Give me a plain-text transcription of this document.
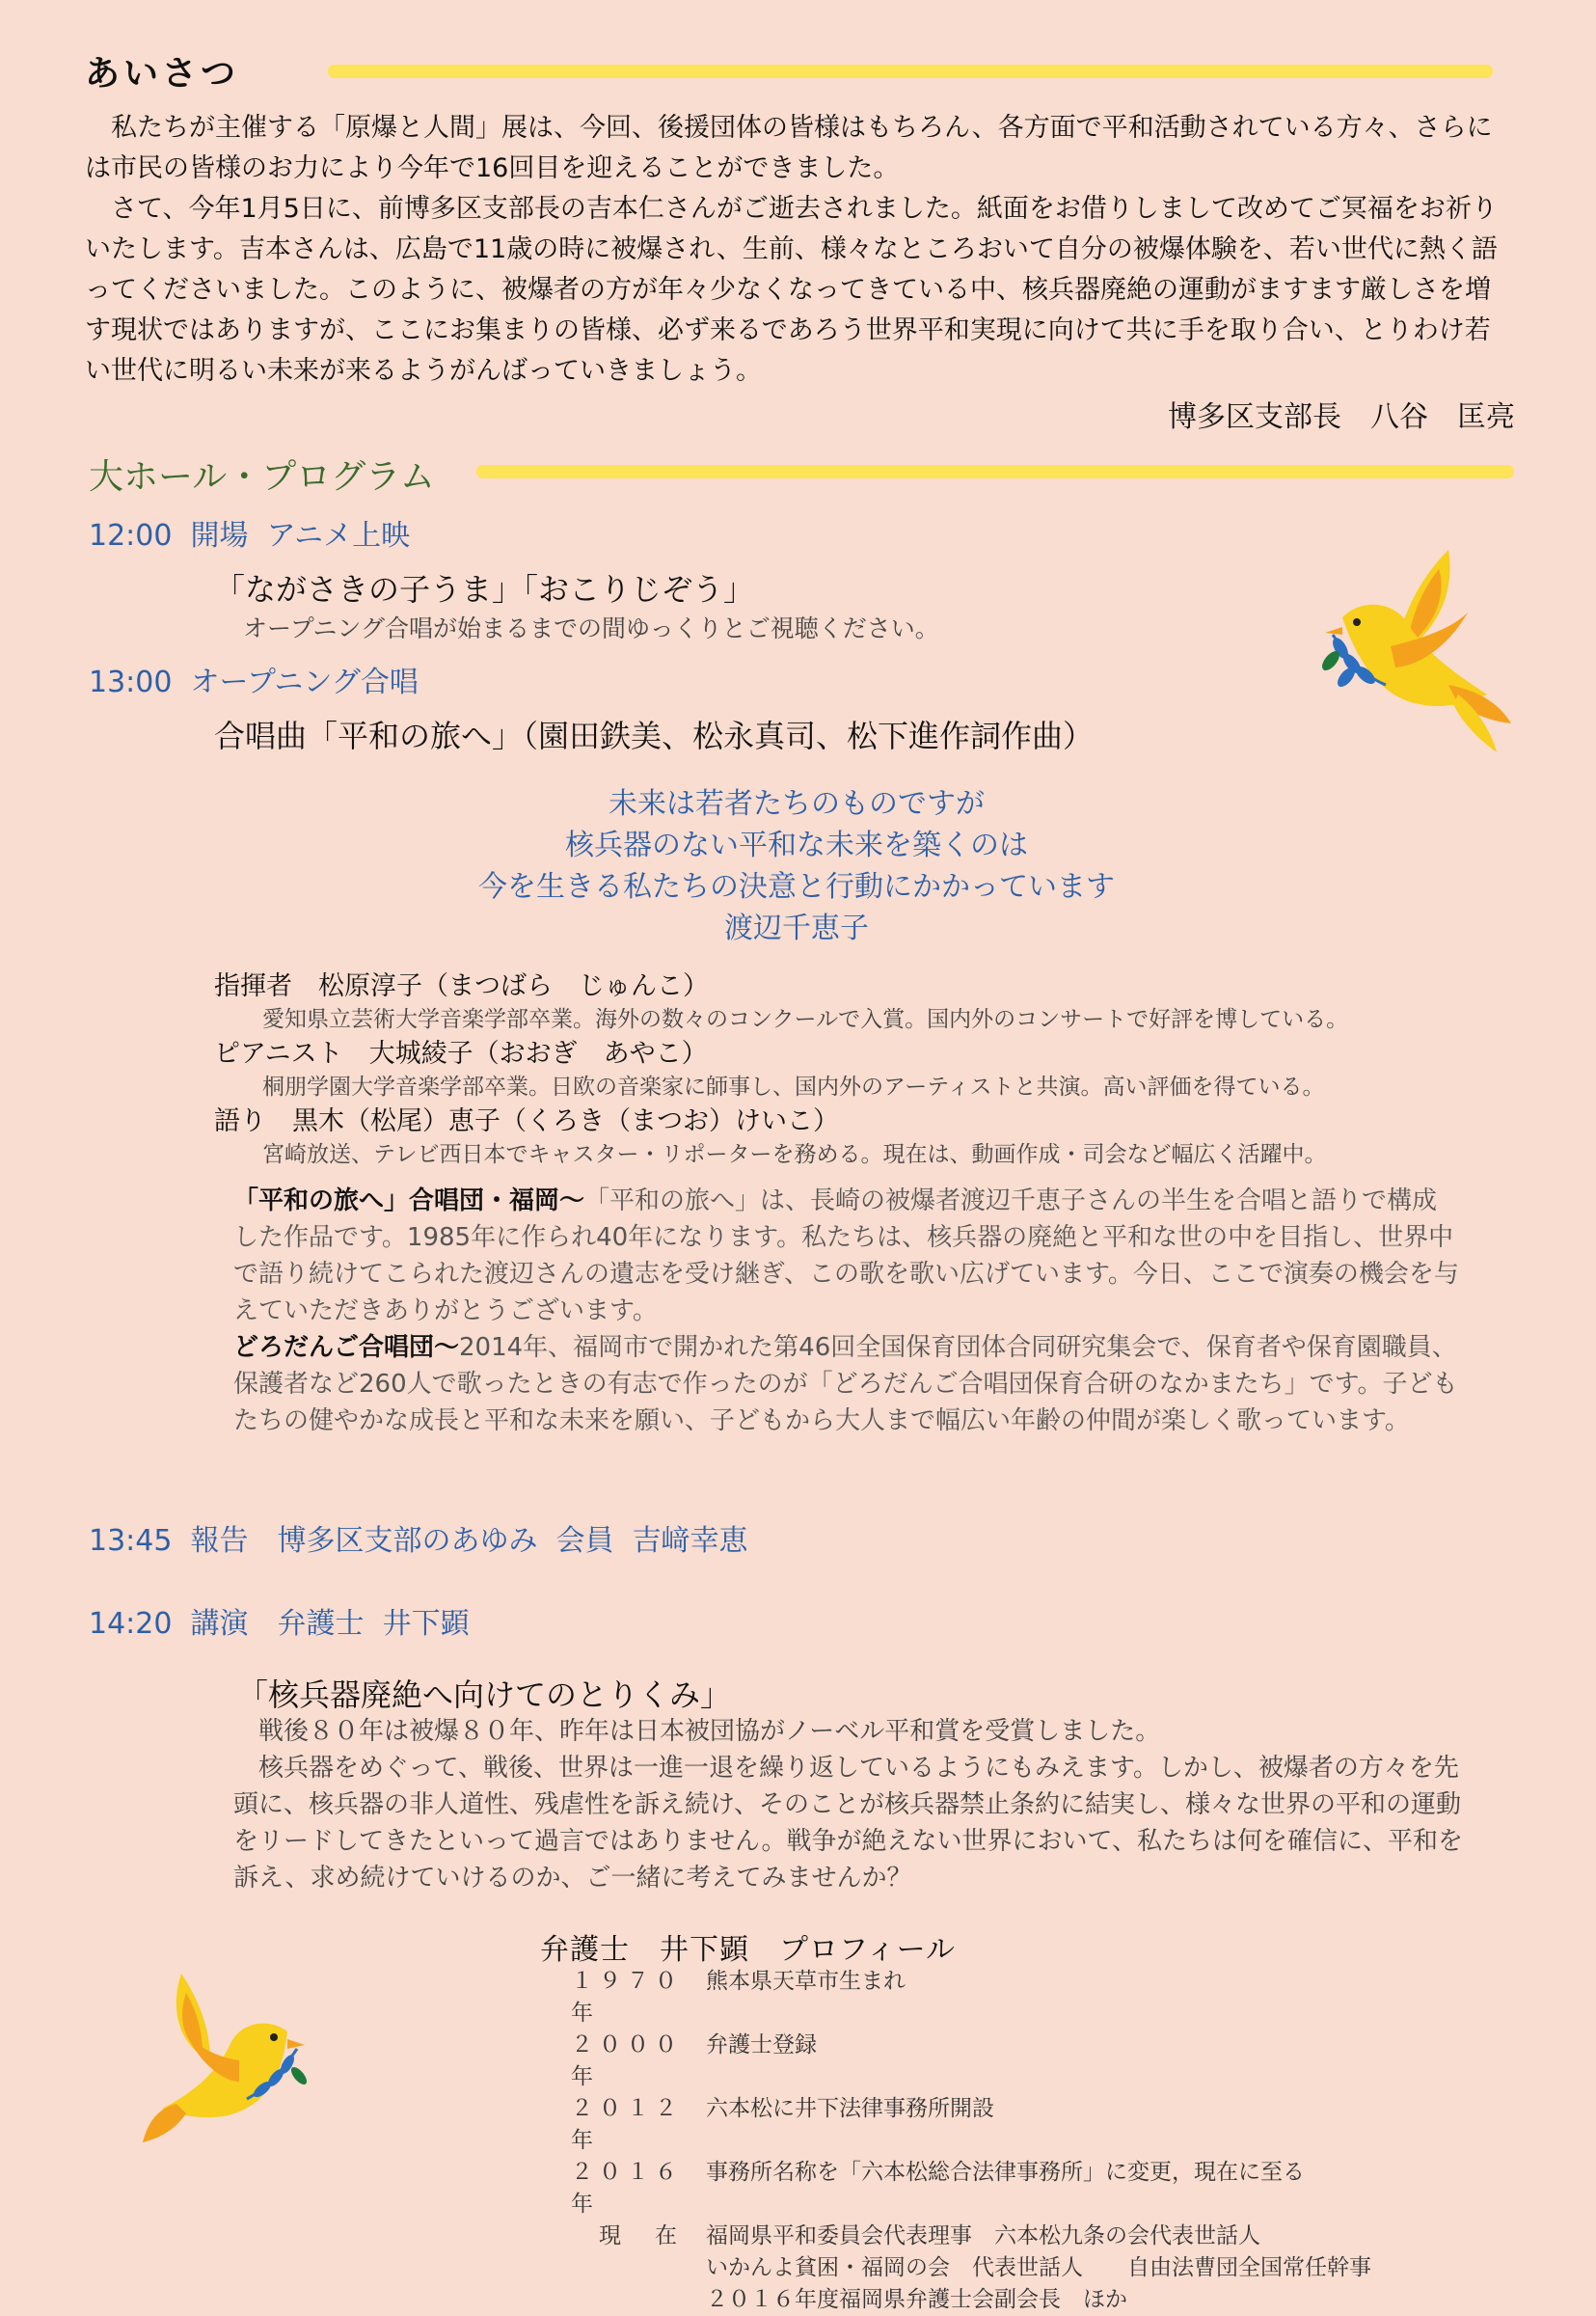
あいさつ

私たちが主催する「原爆と人間」展は、今回、後援団体の皆様はもちろん、各方面で平和活動されている方々、さらには市民の皆様のお力により今年で16回目を迎えることができました。

さて、今年1月5日に、前博多区支部長の吉本仁さんがご逝去されました。紙面をお借りしまして改めてご冥福をお祈りいたします。吉本さんは、広島で11歳の時に被爆され、生前、様々なところおいて自分の被爆体験を、若い世代に熱く語ってくださいました。このように、被爆者の方が年々少なくなってきている中、核兵器廃絶の運動がますます厳しさを増す現状ではありますが、ここにお集まりの皆様、必ず来るであろう世界平和実現に向けて共に手を取り合い、とりわけ若い世代に明るい未来が来るようがんばっていきましょう。

博多区支部長　八谷　匡亮
大ホール・プログラム
12:00  開場  アニメ上映
「ながさきの子うま」「おこりじぞう」
オープニング合唱が始まるまでの間ゆっくりとご視聴ください。
13:00  オープニング合唱
合唱曲「平和の旅へ」（園田鉄美、松永真司、松下進作詞作曲）
未来は若者たちのものですが
核兵器のない平和な未来を築くのは
今を生きる私たちの決意と行動にかかっています
渡辺千恵子
指揮者　松原淳子（まつばら　じゅんこ）
愛知県立芸術大学音楽学部卒業。海外の数々のコンクールで入賞。国内外のコンサートで好評を博している。
ピアニスト　大城綾子（おおぎ　あやこ）
桐朋学園大学音楽学部卒業。日欧の音楽家に師事し、国内外のアーティストと共演。高い評価を得ている。
語り　黒木（松尾）恵子（くろき（まつお）けいこ）
宮崎放送、テレビ西日本でキャスター・リポーターを務める。現在は、動画作成・司会など幅広く活躍中。

「平和の旅へ」合唱団・福岡〜「平和の旅へ」は、長崎の被爆者渡辺千恵子さんの半生を合唱と語りで構成した作品です。1985年に作られ40年になります。私たちは、核兵器の廃絶と平和な世の中を目指し、世界中で語り続けてこられた渡辺さんの遺志を受け継ぎ、この歌を歌い広げています。今日、ここで演奏の機会を与えていただきありがとうございます。

どろだんご合唱団〜2014年、福岡市で開かれた第46回全国保育団体合同研究集会で、保育者や保育園職員、保護者など260人で歌ったときの有志で作ったのが「どろだんご合唱団保育合研のなかまたち」です。子どもたちの健やかな成長と平和な未来を願い、子どもから大人まで幅広い年齢の仲間が楽しく歌っています。

13:45  報告　博多区支部のあゆみ  会員  吉﨑幸恵
14:20  講演　弁護士  井下顕
「核兵器廃絶へ向けてのとりくみ」

戦後８０年は被爆８０年、昨年は日本被団協がノーベル平和賞を受賞しました。

核兵器をめぐって、戦後、世界は一進一退を繰り返しているようにもみえます。しかし、被爆者の方々を先頭に、核兵器の非人道性、残虐性を訴え続け、そのことが核兵器禁止条約に結実し、様々な世界の平和の運動をリードしてきたといって過言ではありません。戦争が絶えない世界において、私たちは何を確信に、平和を訴え、求め続けていけるのか、ご一緒に考えてみませんか？

弁護士　井下顕　プロフィール
１９７０年
熊本県天草市生まれ
２０００年
弁護士登録
２０１２年
六本松に井下法律事務所開設
２０１６年
事務所名称を「六本松総合法律事務所」に変更，現在に至る
　現　在	福岡県平和委員会代表理事　六本松九条の会代表世話人
いかんよ貧困・福岡の会　代表世話人　　自由法曹団全国常任幹事
２０１６年度福岡県弁護士会副会長　ほか
